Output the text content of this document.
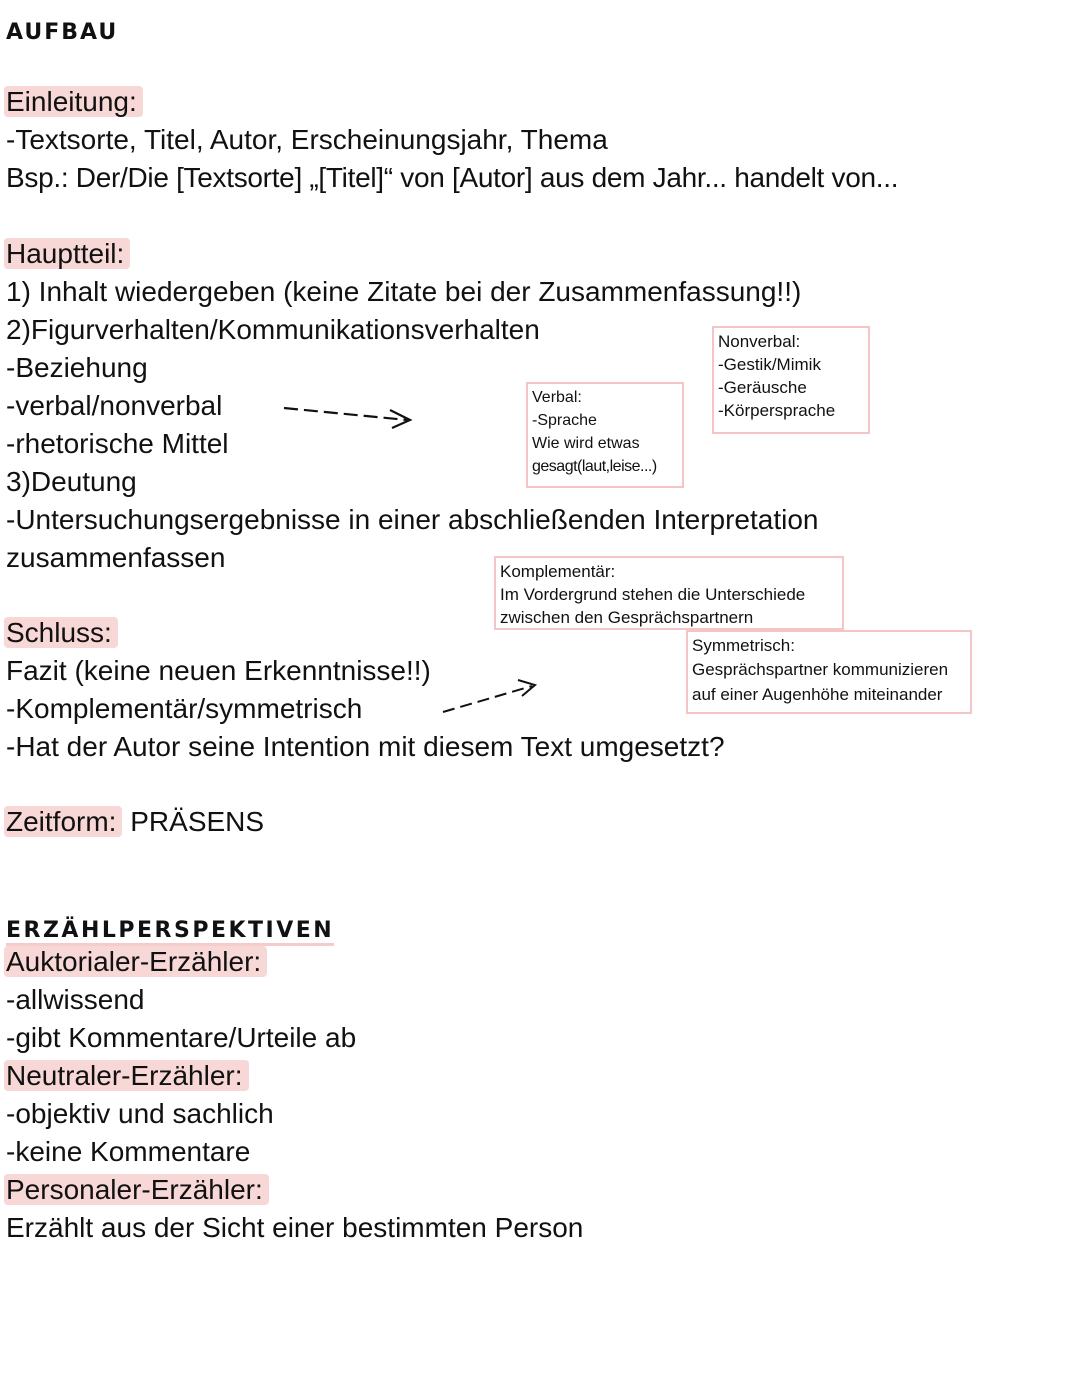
AUFBAU
Einleitung:
-Textsorte, Titel, Autor, Erscheinungsjahr, Thema
Bsp.: Der/Die [Textsorte] „[Titel]“ von [Autor] aus dem Jahr... handelt von...
Hauptteil:
1) Inhalt wiedergeben (keine Zitate bei der Zusammenfassung!!)
2)Figurverhalten/Kommunikationsverhalten
-Beziehung
-verbal/nonverbal
-rhetorische Mittel
3)Deutung
-Untersuchungsergebnisse in einer abschließenden Interpretation
zusammenfassen
Nonverbal:
-Gestik/Mimik
-Geräusche
-Körpersprache
Verbal:
-Sprache
Wie wird etwas
gesagt(laut,leise...)
Komplementär:
Im Vordergrund stehen die Unterschiede
zwischen den Gesprächspartnern
Symmetrisch:
Gesprächspartner kommunizieren
auf einer Augenhöhe miteinander
Schluss:
Fazit (keine neuen Erkenntnisse!!)
-Komplementär/symmetrisch
-Hat der Autor seine Intention mit diesem Text umgesetzt?
Zeitform: PRÄSENS
ERZÄHLPERSPEKTIVEN
Auktorialer-Erzähler:
-allwissend
-gibt Kommentare/Urteile ab
Neutraler-Erzähler:
-objektiv und sachlich
-keine Kommentare
Personaler-Erzähler:
Erzählt aus der Sicht einer bestimmten Person
